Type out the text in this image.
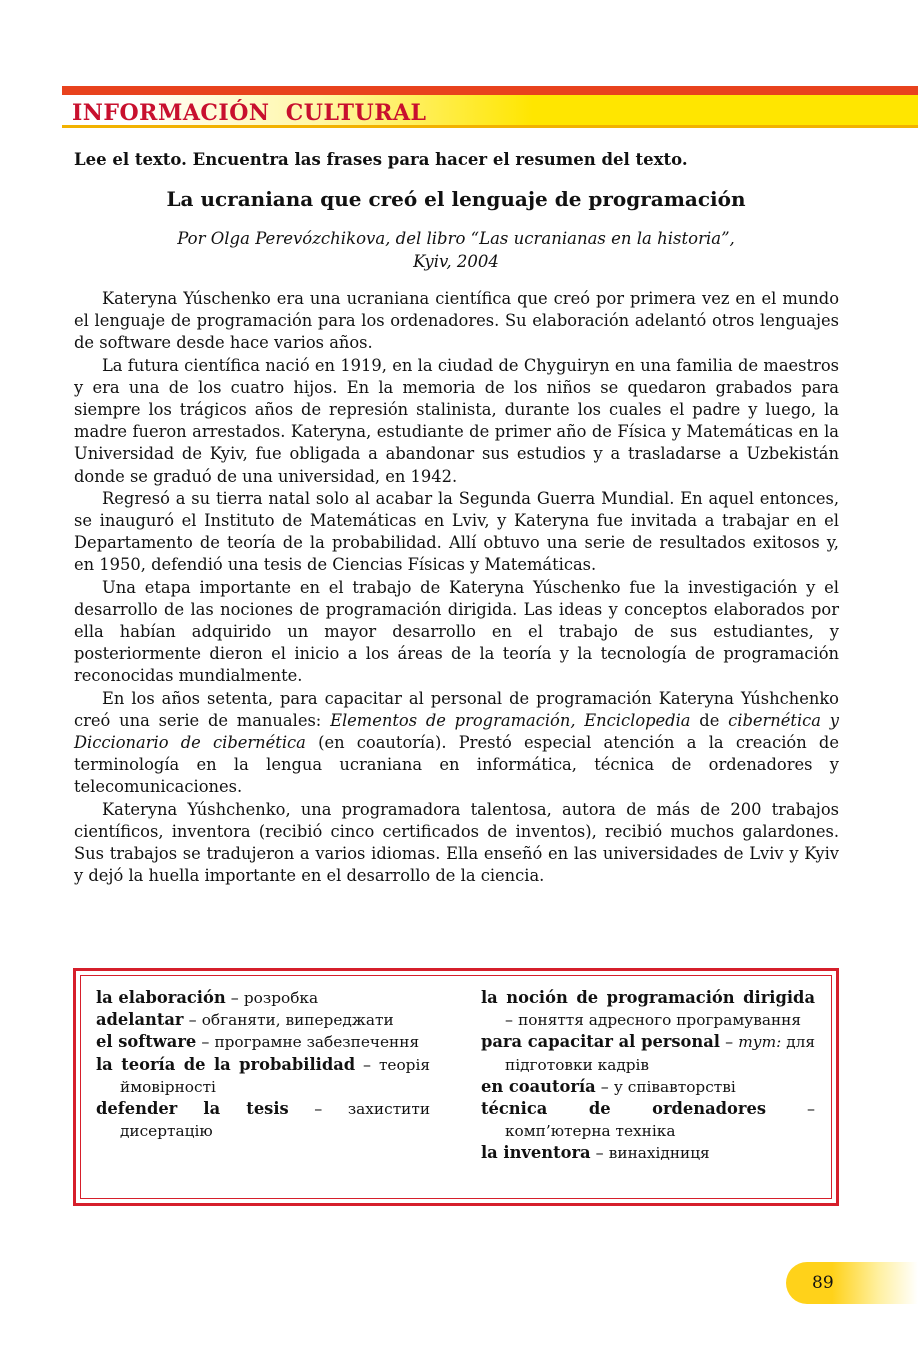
INFORMACIÓN  CULTURAL
Lee el texto. Encuentra las frases para hacer el resumen del texto.
La ucraniana que creó el lenguaje de programación
Por Olga Perevózchikova, del libro “Las ucranianas en la historia”,
Kyiv, 2004

Kateryna Yúschenko era una ucraniana científica que creó por primera vez en el mundo el lenguaje de programación para los ordenadores. Su elaboración adelantó otros lenguajes de software desde hace varios años.

La futura científica nació en 1919, en la ciudad de Chyguiryn en una familia de maestros y era una de los cuatro hijos. En la memoria de los niños se quedaron grabados para siempre los trágicos años de represión stalinista, durante los cuales el padre y luego, la madre fueron arrestados. Kateryna, estudiante de primer año de Física y Matemáticas en la Universidad de Kyiv, fue obligada a abandonar sus estudios y a trasladarse a Uzbekistán donde se graduó de una universidad, en 1942.

Regresó a su tierra natal solo al acabar la Segunda Guerra Mundial. En aquel entonces, se inauguró el Instituto de Matemáticas en Lviv, y Kateryna fue invitada a trabajar en el Departamento de teoría de la probabilidad. Allí obtuvo una serie de resultados exitosos y, en 1950, defendió una tesis de Ciencias Físicas y Matemáticas.

Una etapa importante en el trabajo de Kateryna Yúschenko fue la investigación y el desarrollo de las nociones de programación dirigida. Las ideas y conceptos elaborados por ella habían adquirido un mayor desarrollo en el trabajo de sus estudiantes, y posteriormente dieron el inicio a los áreas de la teoría y la tecnología de programación reconocidas mundialmente.

En los años setenta, para capacitar al personal de programación Kateryna Yúshchenko creó una serie de manuales: Elementos de programación, Enciclopedia de cibernética y Diccionario de cibernética (en coautoría). Prestó especial atención a la creación de terminología en la lengua ucraniana en informática, técnica de ordenadores y telecomunicaciones.

Kateryna Yúshchenko, una programadora talentosa, autora de más de 200 trabajos científicos, inventora (recibió cinco certificados de inventos), recibió muchos galardones. Sus trabajos se tradujeron a varios idiomas. Ella enseñó en las universidades de Lviv y Kyiv y dejó la huella importante en el desarrollo de la ciencia.

la elaboración – розробка

adelantar – обганяти, випереджати

el software – програмне забезпечення

la teoría de la probabilidad – теорія ймовірності

defender la tesis – захистити дисертацію

la noción de programación dirigida – поняття адресного програмування

para capacitar al personal – тут: для підготовки кадрів

en coautoría – у співавторстві

técnica de ordenadores – комп’ютерна техніка

la inventora – винахідниця

89
